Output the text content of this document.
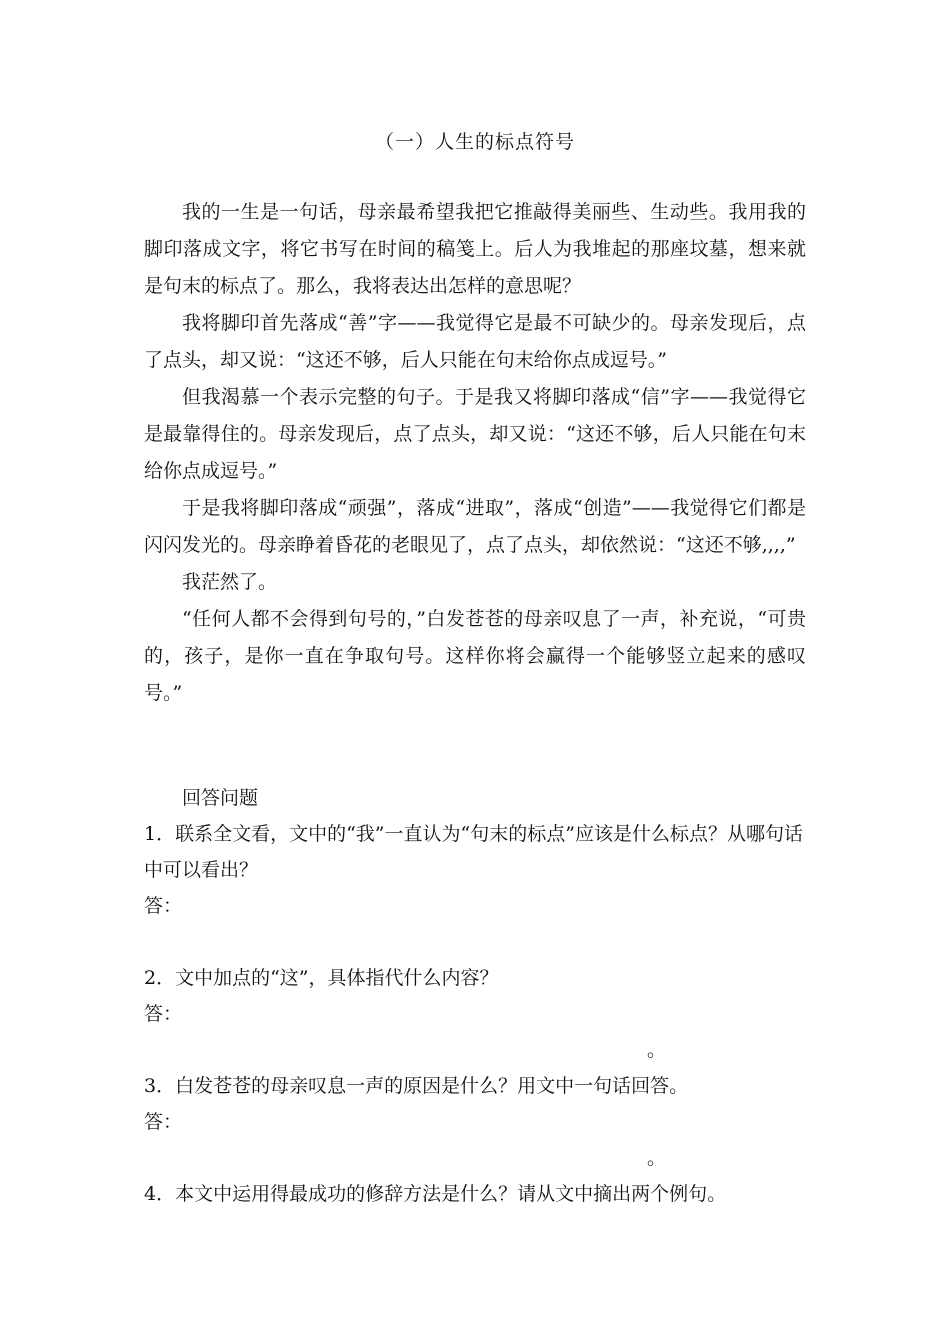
（一）人生的标点符号

我的一生是一句话，母亲最希望我把它推敲得美丽些、生动些。我用我的脚印落成文字，将它书写在时间的稿笺上。后人为我堆起的那座坟墓，想来就是句末的标点了。那么，我将表达出怎样的意思呢？

我将脚印首先落成“善”字——我觉得它是最不可缺少的。母亲发现后，点了点头，却又说：“这还不够，后人只能在句末给你点成逗号。”

但我渴慕一个表示完整的句子。于是我又将脚印落成“信”字——我觉得它是最靠得住的。母亲发现后，点了点头，却又说：“这还不够，后人只能在句末给你点成逗号。”

于是我将脚印落成“顽强”，落成“进取”，落成“创造”——我觉得它们都是闪闪发光的。母亲睁着昏花的老眼见了，点了点头，却依然说：“这还不够,,,,”

我茫然了。

“任何人都不会得到句号的，”白发苍苍的母亲叹息了一声，补充说，“可贵的，孩子，是你一直在争取句号。这样你将会赢得一个能够竖立起来的感叹号。”

回答问题

1．联系全文看，文中的“我”一直认为“句末的标点”应该是什么标点？从哪句话中可以看出？

答：

2．文中加点的“这”，具体指代什么内容？

答：

。

3．白发苍苍的母亲叹息一声的原因是什么？用文中一句话回答。

答：

。

4．本文中运用得最成功的修辞方法是什么？请从文中摘出两个例句。
